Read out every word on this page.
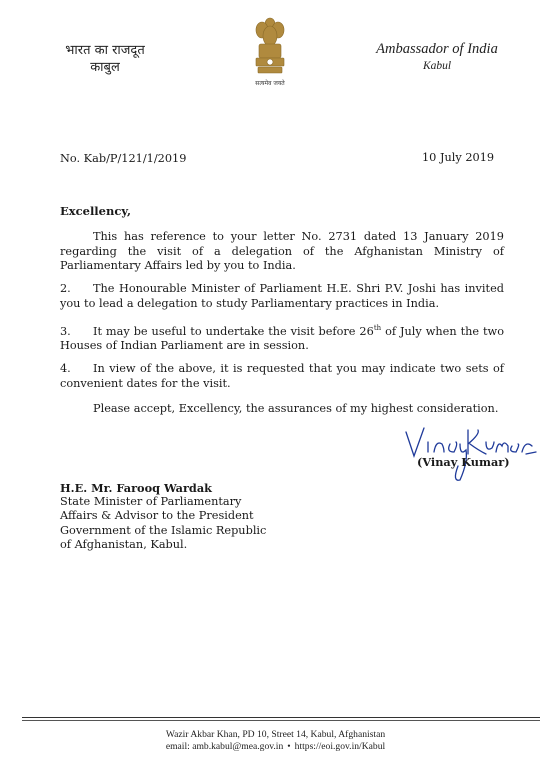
भारत का राजदूत
काबुल
सत्यमेव जयते
Ambassador of India
Kabul
No. Kab/P/121/1/2019	10 July 2019
Excellency,
This has reference to your letter No. 2731 dated 13 January 2019 regarding the visit of a delegation of the Afghanistan Ministry of Parliamentary Affairs led by you to India.
2. The Honourable Minister of Parliament H.E. Shri P.V. Joshi has invited you to lead a delegation to study Parliamentary practices in India.
3. It may be useful to undertake the visit before 26th of July when the two Houses of Indian Parliament are in session.
4. In view of the above, it is requested that you may indicate two sets of convenient dates for the visit.
Please accept, Excellency, the assurances of my highest consideration.
(Vinay Kumar)
H.E. Mr. Farooq Wardak
State Minister of Parliamentary
Affairs & Advisor to the President
Government of the Islamic Republic
of Afghanistan, Kabul.
Wazir Akbar Khan, PD 10, Street 14, Kabul, Afghanistan
email: amb.kabul@mea.gov.in • https://eoi.gov.in/Kabul
